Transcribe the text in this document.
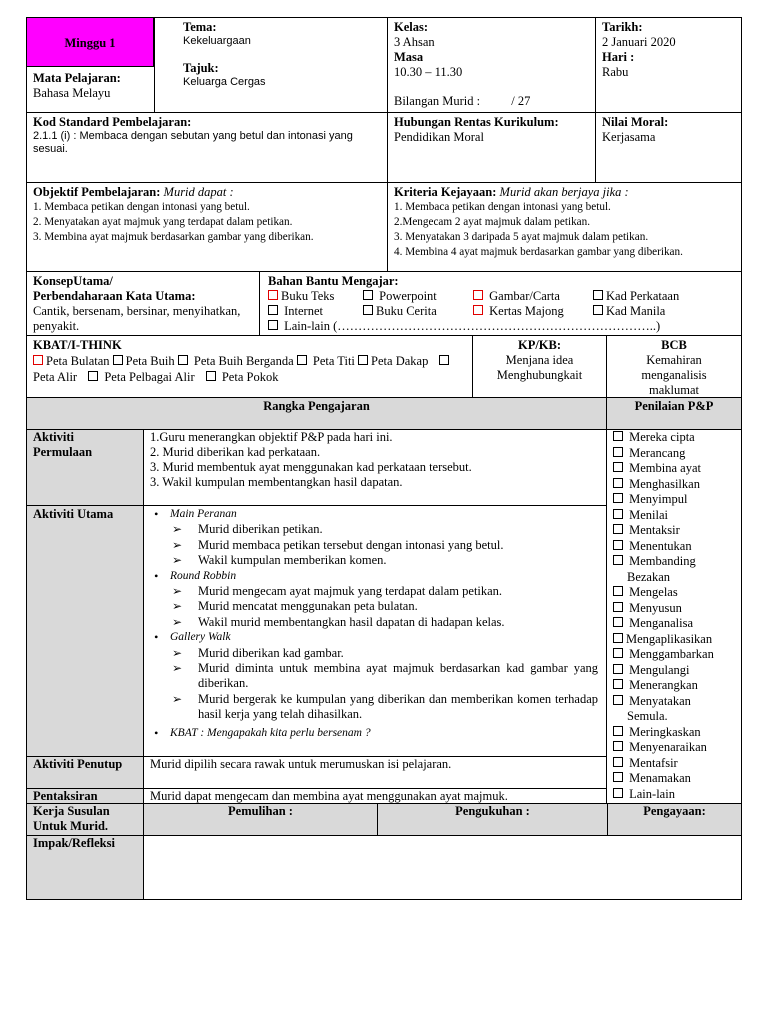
Minggu 1
Mata Pelajaran:
Bahasa Melayu
Tema:
Kekeluargaan
Tajuk:
Keluarga Cergas
Kelas:
3 Ahsan
Masa
10.30 – 11.30
Bilangan Murid : / 27
Tarikh:
2 Januari 2020
Hari :
Rabu
Kod Standard Pembelajaran:
2.1.1 (i) : Membaca dengan sebutan yang betul dan intonasi yang sesuai.
Hubungan Rentas Kurikulum:
Pendidikan Moral
Nilai Moral:
Kerjasama
Objektif Pembelajaran: Murid dapat :
1. Membaca petikan dengan intonasi yang betul.
2. Menyatakan ayat majmuk yang terdapat dalam petikan.
3. Membina ayat majmuk berdasarkan gambar yang diberikan.
Kriteria Kejayaan: Murid akan berjaya jika :
1. Membaca petikan dengan intonasi yang betul.
2.Mengecam 2 ayat majmuk dalam petikan.
3. Menyatakan 3 daripada 5 ayat majmuk dalam petikan.
4. Membina 4 ayat majmuk berdasarkan gambar yang diberikan.
KonsepUtama/
Perbendaharaan Kata Utama:
Cantik, bersenam, bersinar, menyihatkan, penyakit.
Bahan Bantu Mengajar:
Buku Teks	Powerpoint	Gambar/Carta	Kad Perkataan
Internet	Buku Cerita	Kertas Majong	Kad Manila
Lain-lain (…………………………………………………………………..)
KBAT/I-THINK
Peta Bulatan Peta Buih Peta Buih Berganda Peta Titi Peta Dakap Peta Alir Peta Pelbagai Alir Peta Pokok
KP/KB:
Menjana idea
Menghubungkait
BCB
Kemahiran
menganalisis
maklumat
Rangka Pengajaran	Penilaian P&P
Aktiviti
Permulaan
1.Guru menerangkan objektif P&P pada hari ini.
2. Murid diberikan kad perkataan.
3. Murid membentuk ayat menggunakan kad perkataan tersebut.
3. Wakil kumpulan membentangkan hasil dapatan.
Aktiviti Utama
•	Main Peranan
➢ Murid diberikan petikan.
➢ Murid membaca petikan tersebut dengan intonasi yang betul.
➢ Wakil kumpulan memberikan komen.
• Round Robbin
➢ Murid mengecam ayat majmuk yang terdapat dalam petikan.
➢ Murid mencatat menggunakan peta bulatan.
➢ Wakil murid membentangkan hasil dapatan di hadapan kelas.
• Gallery Walk
➢ Murid diberikan kad gambar.
➢ Murid diminta untuk membina ayat majmuk berdasarkan kad gambar yang diberikan.
➢ Murid bergerak ke kumpulan yang diberikan dan memberikan komen terhadap hasil kerja yang telah dihasilkan.
• KBAT : Mengapakah kita perlu bersenam ?
Aktiviti Penutup	Murid dipilih secara rawak untuk merumuskan isi pelajaran.
Pentaksiran	Murid dapat mengecam dan membina ayat menggunakan ayat majmuk.
Mereka cipta
Merancang
Membina ayat
Menghasilkan
Menyimpul
Menilai
Mentaksir
Menentukan
Membanding
Bezakan
Mengelas
Menyusun
Menganalisa
Mengaplikasikan
Menggambarkan
Mengulangi
Menerangkan
Menyatakan
Semula.
Meringkaskan
Menyenaraikan
Mentafsir
Menamakan
Lain-lain
Kerja Susulan
Untuk Murid.
Pemulihan :	Pengukuhan :	Pengayaan:
Impak/Refleksi
